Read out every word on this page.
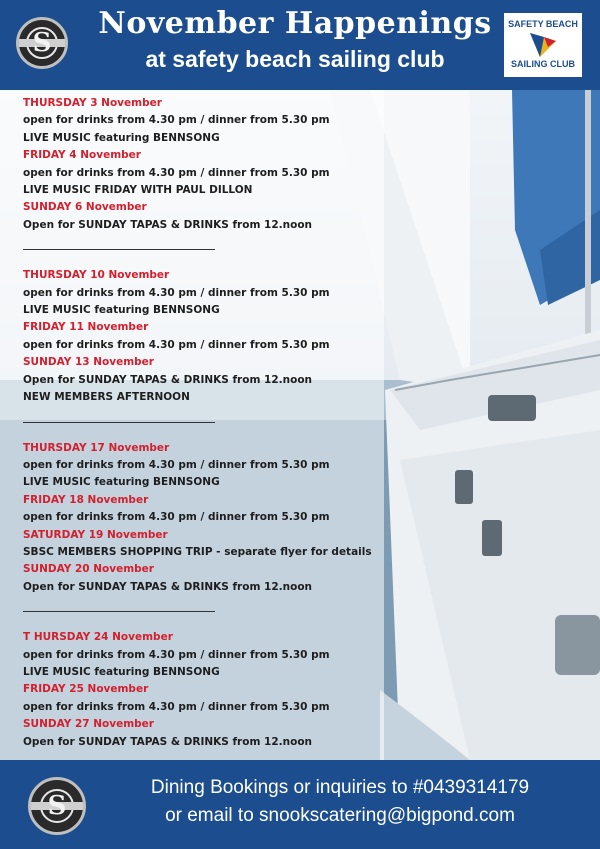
S
November Happenings
at safety beach sailing club
SAFETY BEACH
SAILING CLUB
THURSDAY 3 November
open for drinks from 4.30 pm / dinner from 5.30 pm
LIVE MUSIC featuring BENNSONG
FRIDAY 4 November
open for drinks from 4.30 pm / dinner from 5.30 pm
LIVE MUSIC FRIDAY WITH PAUL DILLON
SUNDAY 6 November
Open for SUNDAY TAPAS & DRINKS from 12.noon
THURSDAY 10 November
open for drinks from 4.30 pm / dinner from 5.30 pm
LIVE MUSIC featuring BENNSONG
FRIDAY 11 November
open for drinks from 4.30 pm / dinner from 5.30 pm
SUNDAY 13 November
Open for SUNDAY TAPAS & DRINKS from 12.noon
NEW MEMBERS AFTERNOON
THURSDAY 17 November
open for drinks from 4.30 pm / dinner from 5.30 pm
LIVE MUSIC featuring BENNSONG
FRIDAY 18 November
open for drinks from 4.30 pm / dinner from 5.30 pm
SATURDAY 19 November
SBSC MEMBERS SHOPPING TRIP - separate flyer for details
SUNDAY 20 November
Open for SUNDAY TAPAS & DRINKS from 12.noon
T HURSDAY 24 November
open for drinks from 4.30 pm / dinner from 5.30 pm
LIVE MUSIC featuring BENNSONG
FRIDAY 25 November
open for drinks from 4.30 pm / dinner from 5.30 pm
SUNDAY 27 November
Open for SUNDAY TAPAS & DRINKS from 12.noon
S
Dining Bookings or inquiries to #0439314179
or email to snookscatering@bigpond.com
